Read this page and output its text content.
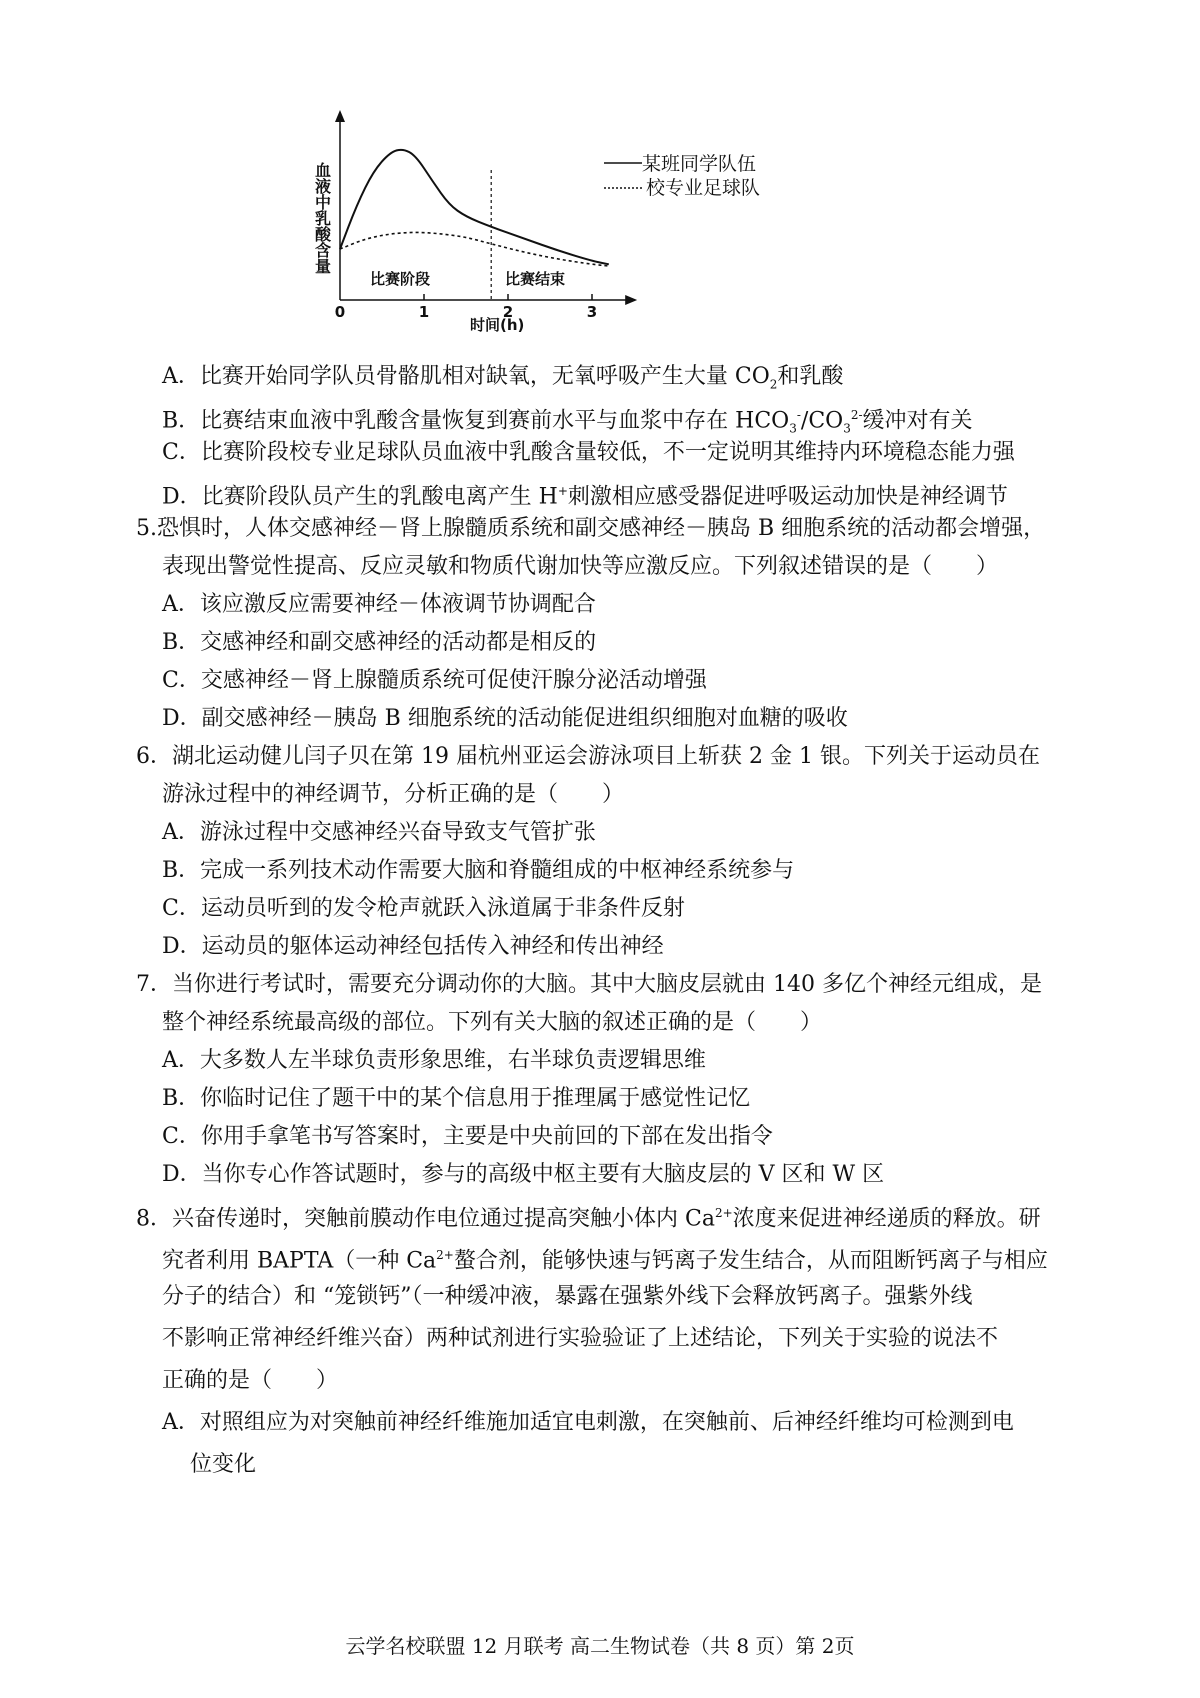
0	1	2	3
血液中乳酸含量
时间(h)
比赛阶段	比赛结束
某班同学队伍
校专业足球队
A．比赛开始同学队员骨骼肌相对缺氧，无氧呼吸产生大量 $CO_2$和乳酸
B．比赛结束血液中乳酸含量恢复到赛前水平与血浆中存在 $HCO_3^-/CO_3^{2-}$缓冲对有关
C．比赛阶段校专业足球队员血液中乳酸含量较低，不一定说明其维持内环境稳态能力强
D．比赛阶段队员产生的乳酸电离产生 H+刺激相应感受器促进呼吸运动加快是神经调节
5.恐惧时，人体交感神经－肾上腺髓质系统和副交感神经－胰岛 B 细胞系统的活动都会增强，
表现出警觉性提高、反应灵敏和物质代谢加快等应激反应。下列叙述错误的是（　　）
A．该应激反应需要神经－体液调节协调配合
B．交感神经和副交感神经的活动都是相反的
C．交感神经－肾上腺髓质系统可促使汗腺分泌活动增强
D．副交感神经－胰岛 B 细胞系统的活动能促进组织细胞对血糖的吸收
6．湖北运动健儿闫子贝在第 19 届杭州亚运会游泳项目上斩获 2 金 1 银。下列关于运动员在
游泳过程中的神经调节，分析正确的是（　　）
A．游泳过程中交感神经兴奋导致支气管扩张
B．完成一系列技术动作需要大脑和脊髓组成的中枢神经系统参与
C．运动员听到的发令枪声就跃入泳道属于非条件反射
D．运动员的躯体运动神经包括传入神经和传出神经
7．当你进行考试时，需要充分调动你的大脑。其中大脑皮层就由 140 多亿个神经元组成，是
整个神经系统最高级的部位。下列有关大脑的叙述正确的是（　　）
A．大多数人左半球负责形象思维，右半球负责逻辑思维
B．你临时记住了题干中的某个信息用于推理属于感觉性记忆
C．你用手拿笔书写答案时，主要是中央前回的下部在发出指令
D．当你专心作答试题时，参与的高级中枢主要有大脑皮层的 V 区和 W 区
8．兴奋传递时，突触前膜动作电位通过提高突触小体内 $Ca^{2+}$浓度来促进神经递质的释放。研
究者利用 BAPTA（一种 $Ca^{2+}$螯合剂，能够快速与钙离子发生结合，从而阻断钙离子与相应
分子的结合）和 “笼锁钙”（一种缓冲液，暴露在强紫外线下会释放钙离子。强紫外线
不影响正常神经纤维兴奋）两种试剂进行实验验证了上述结论，下列关于实验的说法不
正确的是（　　）
A．对照组应为对突触前神经纤维施加适宜电刺激，在突触前、后神经纤维均可检测到电
位变化
云学名校联盟 12 月联考 高二生物试卷（共 8 页）第 2页
